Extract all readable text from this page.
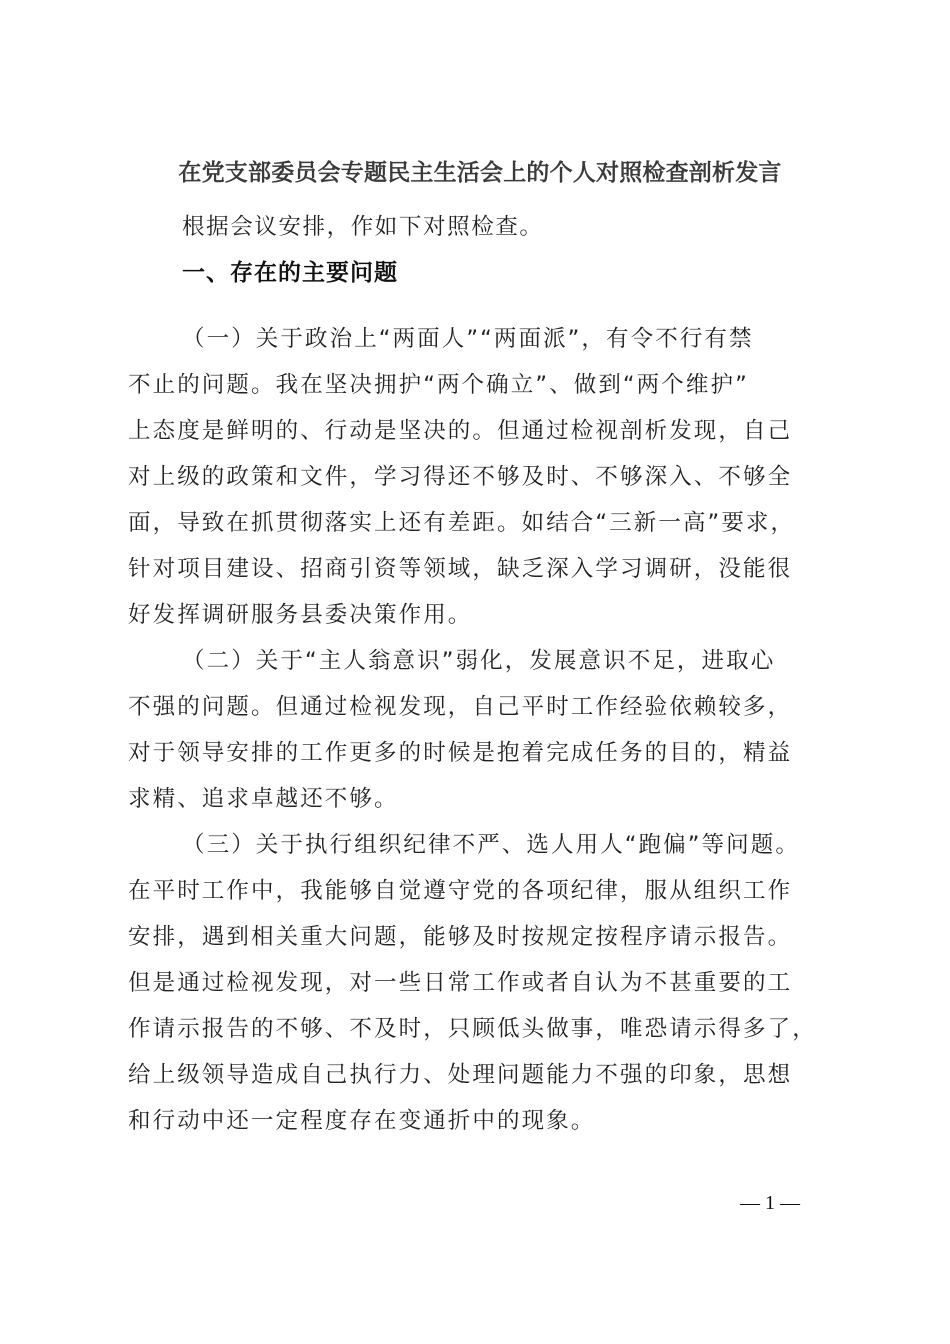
在党支部委员会专题民主生活会上的个人对照检查剖析发言
根据会议安排，作如下对照检查。
一、存在的主要问题
（一）关于政治上“两面人”“两面派”，有令不行有禁
不止的问题。我在坚决拥护“两个确立”、做到“两个维护”
上态度是鲜明的、行动是坚决的。但通过检视剖析发现，自己
对上级的政策和文件，学习得还不够及时、不够深入、不够全
面，导致在抓贯彻落实上还有差距。如结合“三新一高”要求，
针对项目建设、招商引资等领域，缺乏深入学习调研，没能很
好发挥调研服务县委决策作用。
（二）关于“主人翁意识”弱化，发展意识不足，进取心
不强的问题。但通过检视发现，自己平时工作经验依赖较多，
对于领导安排的工作更多的时候是抱着完成任务的目的，精益
求精、追求卓越还不够。
（三）关于执行组织纪律不严、选人用人“跑偏”等问题。
在平时工作中，我能够自觉遵守党的各项纪律，服从组织工作
安排，遇到相关重大问题，能够及时按规定按程序请示报告。
但是通过检视发现，对一些日常工作或者自认为不甚重要的工
作请示报告的不够、不及时，只顾低头做事，唯恐请示得多了，
给上级领导造成自己执行力、处理问题能力不强的印象，思想
和行动中还一定程度存在变通折中的现象。
— 1 —
